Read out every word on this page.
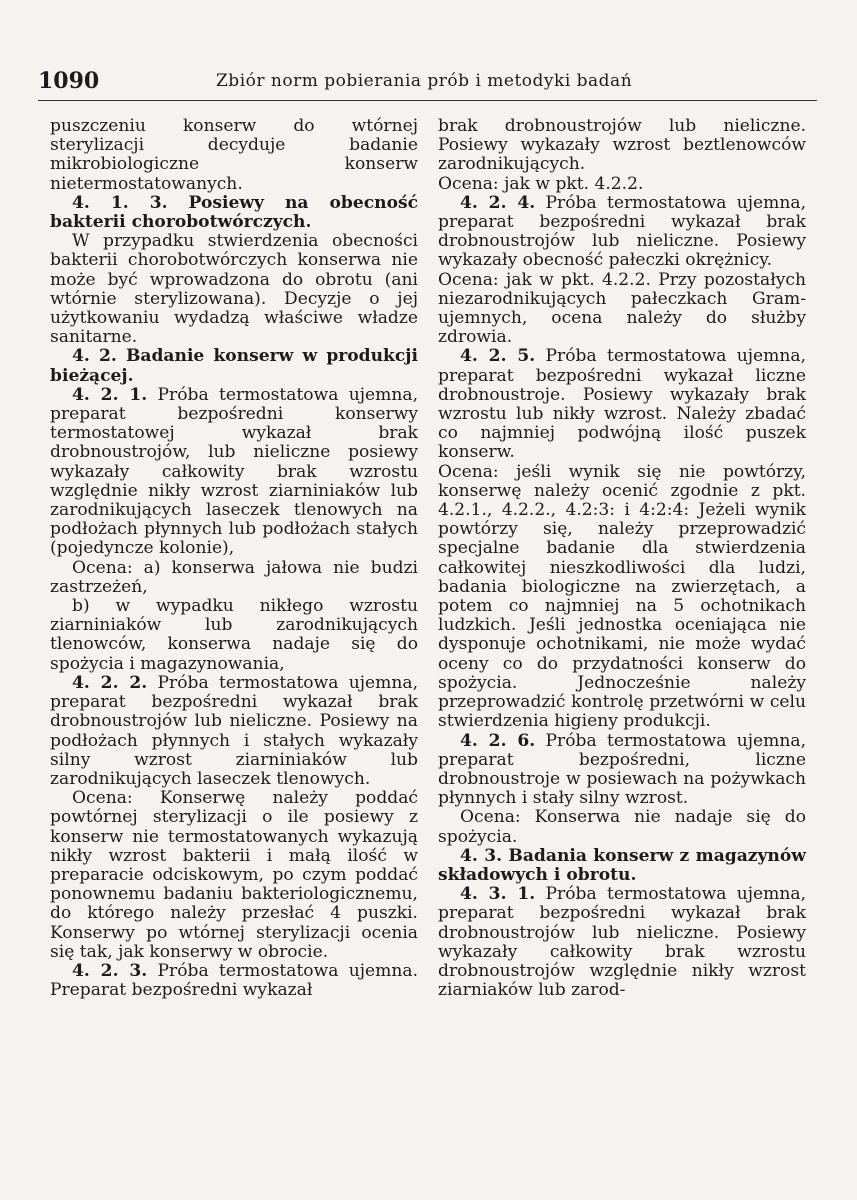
1090	Zbiór norm pobierania prób i metodyki badań

puszczeniu konserw do wtórnej sterylizacji decyduje badanie mikrobiologiczne konserw nietermostatowanych.

4. 1. 3. Posiewy na obecność bakterii chorobotwórczych.

W przypadku stwierdzenia obecności bakterii chorobotwórczych konserwa nie może być wprowadzona do obrotu (ani wtórnie sterylizowana). Decyzje o jej użytkowaniu wydadzą właściwe władze sanitarne.

4. 2. Badanie konserw w produkcji bieżącej.

4. 2. 1. Próba termostatowa ujemna, preparat bezpośredni konserwy termostatowej wykazał brak drobnoustrojów, lub nieliczne posiewy wykazały całkowity brak wzrostu względnie nikły wzrost ziarniniaków lub zarodnikujących laseczek tlenowych na podłożach płynnych lub podłożach stałych (pojedyncze kolonie),

Ocena: a) konserwa jałowa nie budzi zastrzeżeń,

b) w wypadku nikłego wzrostu ziarniniaków lub zarodnikujących tlenowców, konserwa nadaje się do spożycia i magazynowania,

4. 2. 2. Próba termostatowa ujemna, preparat bezpośredni wykazał brak drobnoustrojów lub nieliczne. Posiewy na podłożach płynnych i stałych wykazały silny wzrost ziarniniaków lub zarodnikujących laseczek tlenowych.

Ocena: Konserwę należy poddać powtórnej sterylizacji o ile posiewy z konserw nie termostatowanych wykazują nikły wzrost bakterii i małą ilość w preparacie odciskowym, po czym poddać ponownemu badaniu bakteriologicznemu, do którego należy przesłać 4 puszki. Konserwy po wtórnej sterylizacji ocenia się tak, jak konserwy w obrocie.

4. 2. 3. Próba termostatowa ujemna. Preparat bezpośredni wykazał

brak drobnoustrojów lub nieliczne. Posiewy wykazały wzrost beztlenowców zarodnikujących.

Ocena: jak w pkt. 4.2.2.

4. 2. 4. Próba termostatowa ujemna, preparat bezpośredni wykazał brak drobnoustrojów lub nieliczne. Posiewy wykazały obecność pałeczki okrężnicy.

Ocena: jak w pkt. 4.2.2. Przy pozostałych niezarodnikujących pałeczkach Gram-ujemnych, ocena należy do służby zdrowia.

4. 2. 5. Próba termostatowa ujemna, preparat bezpośredni wykazał liczne drobnoustroje. Posiewy wykazały brak wzrostu lub nikły wzrost. Należy zbadać co najmniej podwójną ilość puszek konserw.

Ocena: jeśli wynik się nie powtórzy, konserwę należy ocenić zgodnie z pkt. 4.2.1., 4.2.2., 4.2:3: i 4:2:4: Jeżeli wynik powtórzy się, należy przeprowadzić specjalne badanie dla stwierdzenia całkowitej nieszkodliwości dla ludzi, badania biologiczne na zwierzętach, a potem co najmniej na 5 ochotnikach ludzkich. Jeśli jednostka oceniająca nie dysponuje ochotnikami, nie może wydać oceny co do przydatności konserw do spożycia. Jednocześnie należy przeprowadzić kontrolę przetwórni w celu stwierdzenia higieny produkcji.

4. 2. 6. Próba termostatowa ujemna, preparat bezpośredni, liczne drobnoustroje w posiewach na pożywkach płynnych i stały silny wzrost.

Ocena: Konserwa nie nadaje się do spożycia.

4. 3. Badania konserw z magazynów składowych i obrotu.

4. 3. 1. Próba termostatowa ujemna, preparat bezpośredni wykazał brak drobnoustrojów lub nieliczne. Posiewy wykazały całkowity brak wzrostu drobnoustrojów względnie nikły wzrost ziarniaków lub zarod-
